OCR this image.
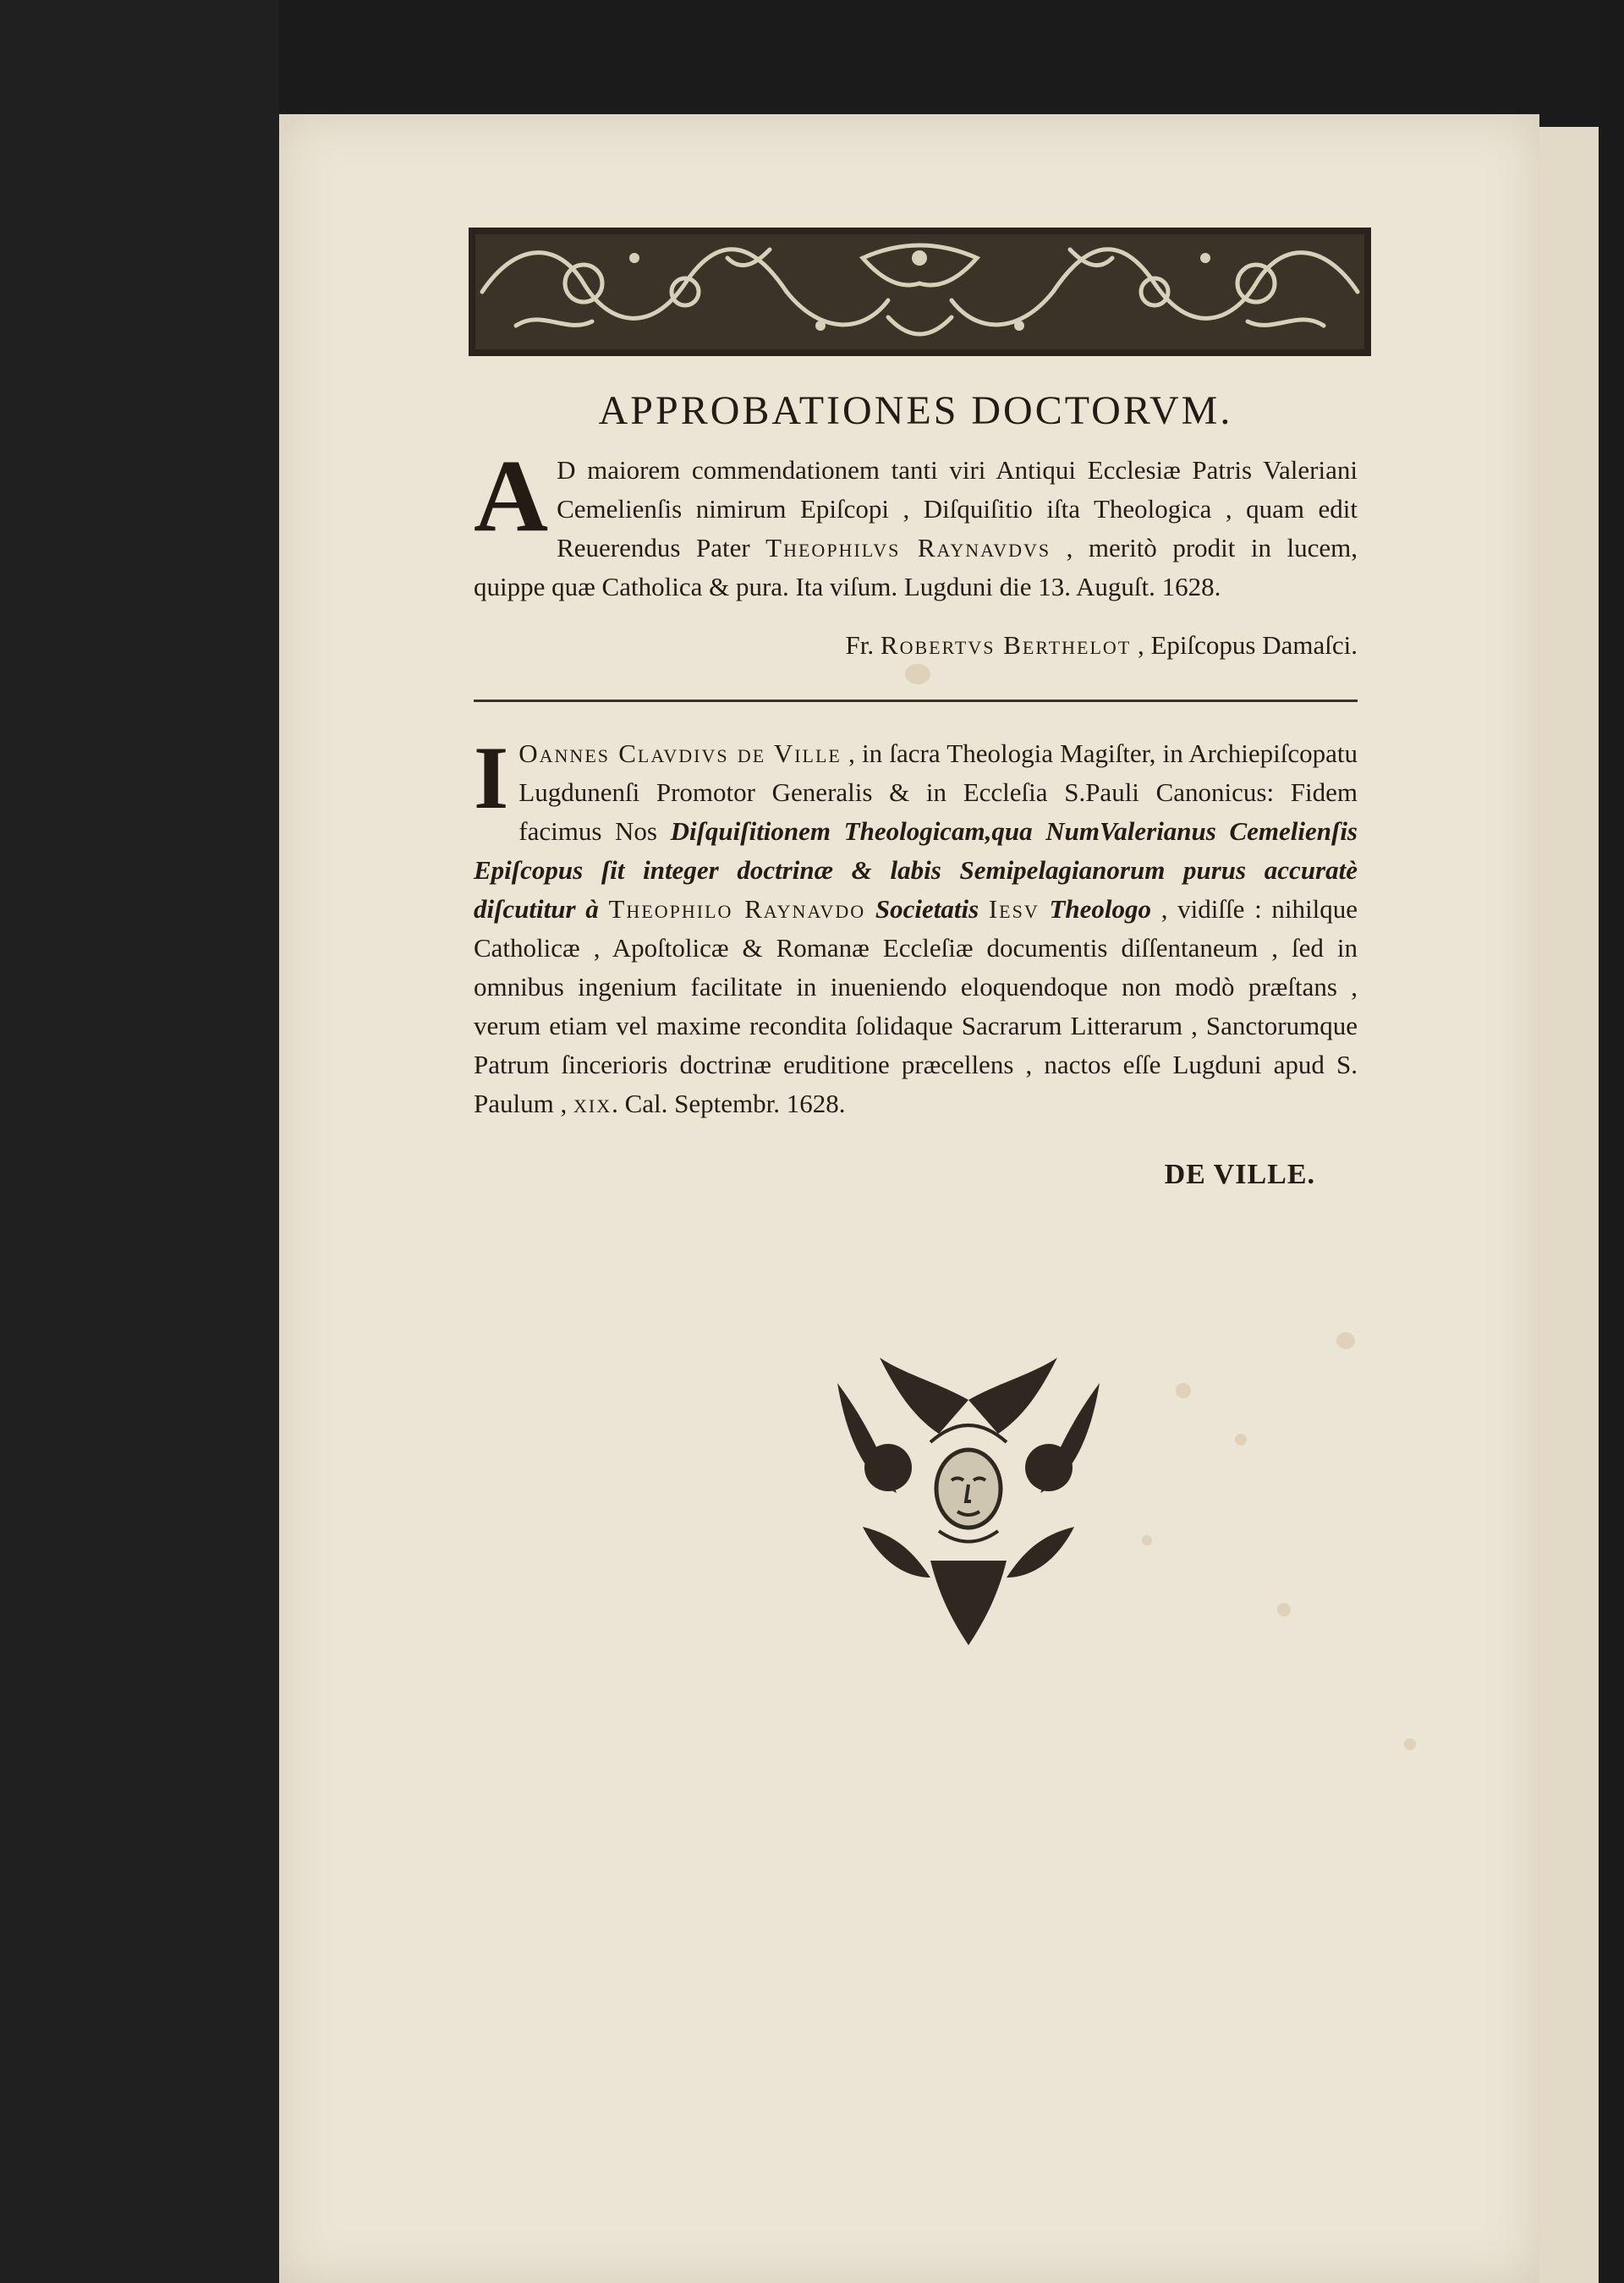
APPROBATIONES DOCTORVM.

A D maiorem commendationem tanti viri Antiqui Ecclesiæ Patris Valeriani Cemelienſis nimirum Epiſcopi , Diſquiſitio iſta Theologica , quam edit Reuerendus Pater Theophilvs Raynavdvs , meritò prodit in lucem, quippe quæ Catholica & pura. Ita viſum. Lugduni die 13. Auguſt. 1628.

Fr. Robertvs Berthelot , Epiſcopus Damaſci.

I Oannes Clavdivs de Ville , in ſacra Theologia Magiſter, in Archiepiſcopatu Lugdunenſi Promotor Generalis & in Eccleſia S.Pauli Canonicus: Fidem facimus Nos Diſquiſitionem Theologicam,qua NumValerianus Cemelienſis Epiſcopus ſit integer doctrinæ & labis Semipelagianorum purus accuratè diſcutitur à Theophilo Raynavdo Societatis Iesv Theologo , vidiſſe : nihilque Catholicæ , Apoſtolicæ & Romanæ Eccleſiæ documentis diſſentaneum , ſed in omnibus ingenium facilitate in inueniendo eloquendoque non modò præſtans , verum etiam vel maxime recondita ſolidaque Sacrarum Litterarum , Sanctorumque Patrum ſincerioris doctrinæ eruditione præcellens , nactos eſſe Lugduni apud S. Paulum , xix. Cal. Septembr. 1628.

DE VILLE.
